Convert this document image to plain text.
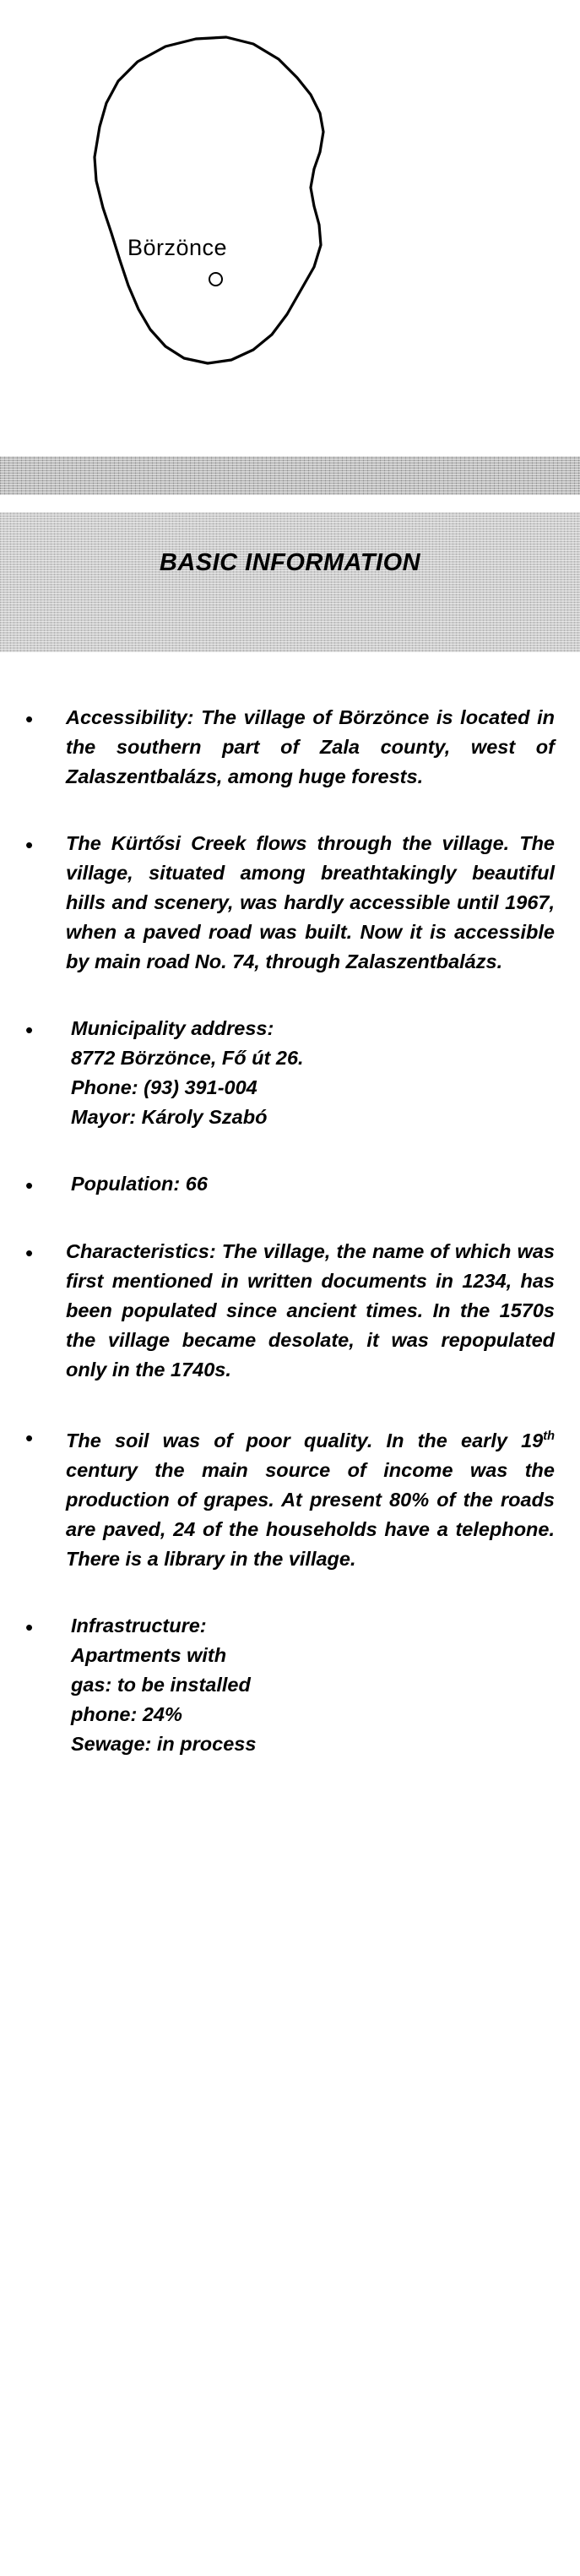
Börzönce
BASIC INFORMATION
•	Accessibility: The village of Börzönce is located in the southern part of Zala county, west of Zalaszentbalázs, among huge forests.
•	The Kürtősi Creek flows through the village. The village, situated among breathtakingly beautiful hills and scenery, was hardly accessible until 1967, when a paved road was built. Now it is accessible by main road No. 74, through Zalaszentbalázs.
•	Municipality address:

8772 Börzönce, Fő út 26.

Phone: (93) 391-004

Mayor: Károly Szabó

•	Population: 66

•	Characteristics: The village, the name of which was first mentioned in written documents in 1234, has been populated since ancient times. In the 1570s the village became desolate, it was repopulated only in the 1740s.
•	The soil was of poor quality. In the early 19th century the main source of income was the production of grapes. At present 80% of the roads are paved, 24 of the households have a telephone. There is a library in the village.
•	Infrastructure:

Apartments with

gas: to be installed

phone: 24%

Sewage: in process
